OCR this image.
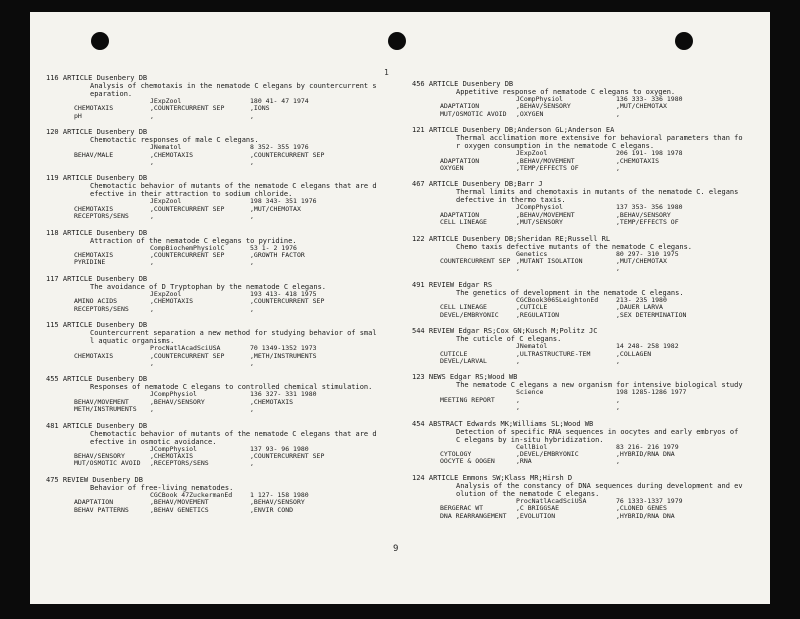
1
116 ARTICLE Dusenbery DB
Analysis of chemotaxis in the nematode C elegans by countercurrent s
eparation.
JExpZool	180 41- 47 1974
CHEMOTAXIS	,COUNTERCURRENT SEP	,IONS
pH	,	,
120 ARTICLE Dusenbery DB
Chemotactic responses of male C elegans.
JNematol	8 352- 355 1976
BEHAV/MALE	,CHEMOTAXIS	,COUNTERCURRENT SEP
,	,
119 ARTICLE Dusenbery DB
Chemotactic behavior of mutants of the nematode C elegans that are d
efective in their attraction to sodium chloride.
JExpZool	198 343- 351 1976
CHEMOTAXIS	,COUNTERCURRENT SEP	,MUT/CHEMOTAX
RECEPTORS/SENS	,	,
118 ARTICLE Dusenbery DB
Attraction of the nematode C elegans to pyridine.
CompBiochemPhysiolC	53 1- 2 1976
CHEMOTAXIS	,COUNTERCURRENT SEP	,GROWTH FACTOR
PYRIDINE	,	,
117 ARTICLE Dusenbery DB
The avoidance of D Tryptophan by the nematode C elegans.
JExpZool	193 413- 418 1975
AMINO ACIDS	,CHEMOTAXIS	,COUNTERCURRENT SEP
RECEPTORS/SENS	,	,
115 ARTICLE Dusenbery DB
Countercurrent separation a new method for studying behavior of smal
l aquatic organisms.
ProcNatlAcadSciUSA	70 1349-1352 1973
CHEMOTAXIS	,COUNTERCURRENT SEP	,METH/INSTRUMENTS
,	,
455 ARTICLE Dusenbery DB
Responses of nematode C elegans to controlled chemical stimulation.
JCompPhysiol	136 327- 331 1980
BEHAV/MOVEMENT	,BEHAV/SENSORY	,CHEMOTAXIS
METH/INSTRUMENTS ,	,
481 ARTICLE Dusenbery DB
Chemotactic behavior of mutants of the nematode C elegans that are d
efective in osmotic avoidance.
JCompPhysiol	137 93- 96 1980
BEHAV/SENSORY	,CHEMOTAXIS	,COUNTERCURRENT SEP
MUT/OSMOTIC AVOID ,RECEPTORS/SENS	,
475 REVIEW Dusenbery DB
Behavior of free-living nematodes.
CGCBook 47ZuckermanEd	1 127- 158 1980
ADAPTATION	,BEHAV/MOVEMENT	,BEHAV/SENSORY
BEHAV PATTERNS	,BEHAV GENETICS	,ENVIR COND
456 ARTICLE Dusenbery DB
Appetitive response of nematode C elegans to oxygen.
JCompPhysiol	136 333- 336 1980
ADAPTATION	,BEHAV/SENSORY	,MUT/CHEMOTAX
MUT/OSMOTIC AVOID ,OXYGEN	,
121 ARTICLE Dusenbery DB;Anderson GL;Anderson EA
Thermal acclimation more extensive for behavioral parameters than fo
r oxygen consumption in the nematode C elegans.
JExpZool	206 191- 198 1978
ADAPTATION	,BEHAV/MOVEMENT	,CHEMOTAXIS
OXYGEN	,TEMP/EFFECTS OF	,
467 ARTICLE Dusenbery DB;Barr J
Thermal limits and chemotaxis in mutants of the nematode C. elegans
defective in thermo taxis.
JCompPhysiol	137 353- 356 1980
ADAPTATION	,BEHAV/MOVEMENT	,BEHAV/SENSORY
CELL LINEAGE	,MUT/SENSORY	,TEMP/EFFECTS OF
122 ARTICLE Dusenbery DB;Sheridan RE;Russell RL
Chemo taxis defective mutants of the nematode C elegans.
Genetics	80 297- 310 1975
COUNTERCURRENT SEP ,MUTANT ISOLATION	,MUT/CHEMOTAX
,	,
491 REVIEW Edgar RS
The genetics of development in the nematode C elegans.
CGCBook3065LeightonEd	213- 235 1980
CELL LINEAGE	,CUTICLE	,DAUER LARVA
DEVEL/EMBRYONIC	,REGULATION	,SEX DETERMINATION
544 REVIEW Edgar RS;Cox GN;Kusch M;Politz JC
The cuticle of C elegans.
JNematol	14 248- 258 1982
CUTICLE	,ULTRASTRUCTURE-TEM	,COLLAGEN
DEVEL/LARVAL	,	,
123 NEWS Edgar RS;Wood WB
The nematode C elegans a new organism for intensive biological study
Science	198 1285-1286 1977
MEETING REPORT	,	,
,	,
454 ABSTRACT Edwards MK;Williams SL;Wood WB
Detection of specific RNA sequences in oocytes and early embryos of
C elegans by in-situ hybridization.
CellBiol	83 216- 216 1979
CYTOLOGY	,DEVEL/EMBRYONIC	,HYBRID/RNA DNA
OOCYTE & OOGEN	,RNA	,
124 ARTICLE Emmons SW;Klass MR;Hirsh D
Analysis of the constancy of DNA sequences during development and ev
olution of the nematode C elegans.
ProcNatlAcadSciUSA	76 1333-1337 1979
BERGERAC WT	,C BRIGGSAE	,CLONED GENES
DNA REARRANGEMENT ,EVOLUTION	,HYBRID/RNA DNA
9
